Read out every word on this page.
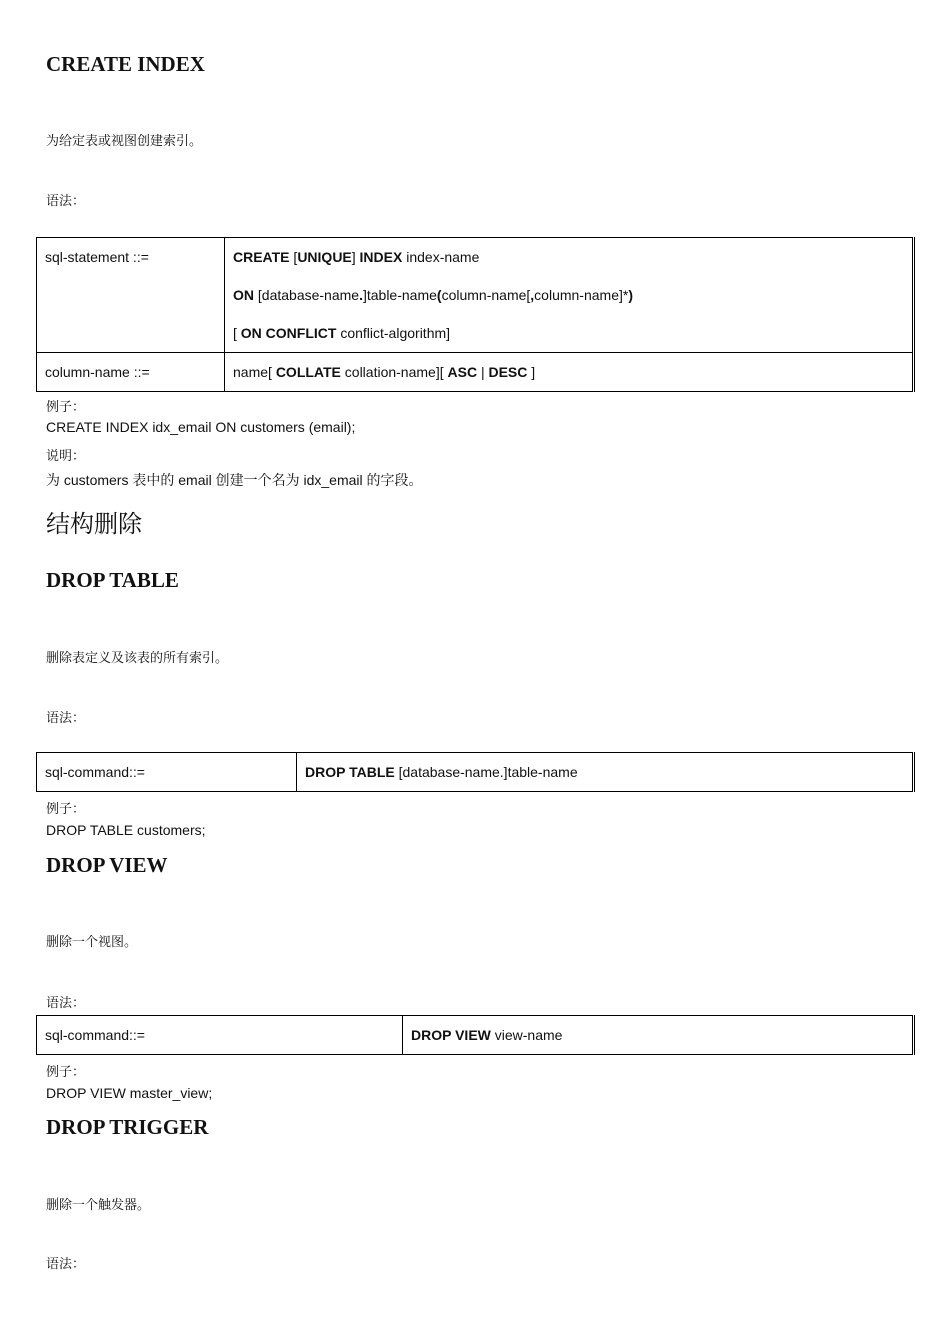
CREATE INDEX
为给定表或视图创建索引。
语法：
sql-statement ::=	CREATE [UNIQUE] INDEX index-name
ON [database-name.]table-name(column-name[,column-name]*)
[ ON CONFLICT conflict-algorithm]

column-name ::=	name[ COLLATE collation-name][ ASC | DESC ]
例子：
CREATE INDEX idx_email ON customers (email);
说明：
为 customers 表中的 email 创建一个名为 idx_email 的字段。
结构删除
DROP TABLE
删除表定义及该表的所有索引。
语法：
sql-command::=	DROP TABLE [database-name.]table-name
例子：
DROP TABLE customers;
DROP VIEW
删除一个视图。
语法：
sql-command::=	DROP VIEW view-name
例子：
DROP VIEW master_view;
DROP TRIGGER
删除一个触发器。
语法：
